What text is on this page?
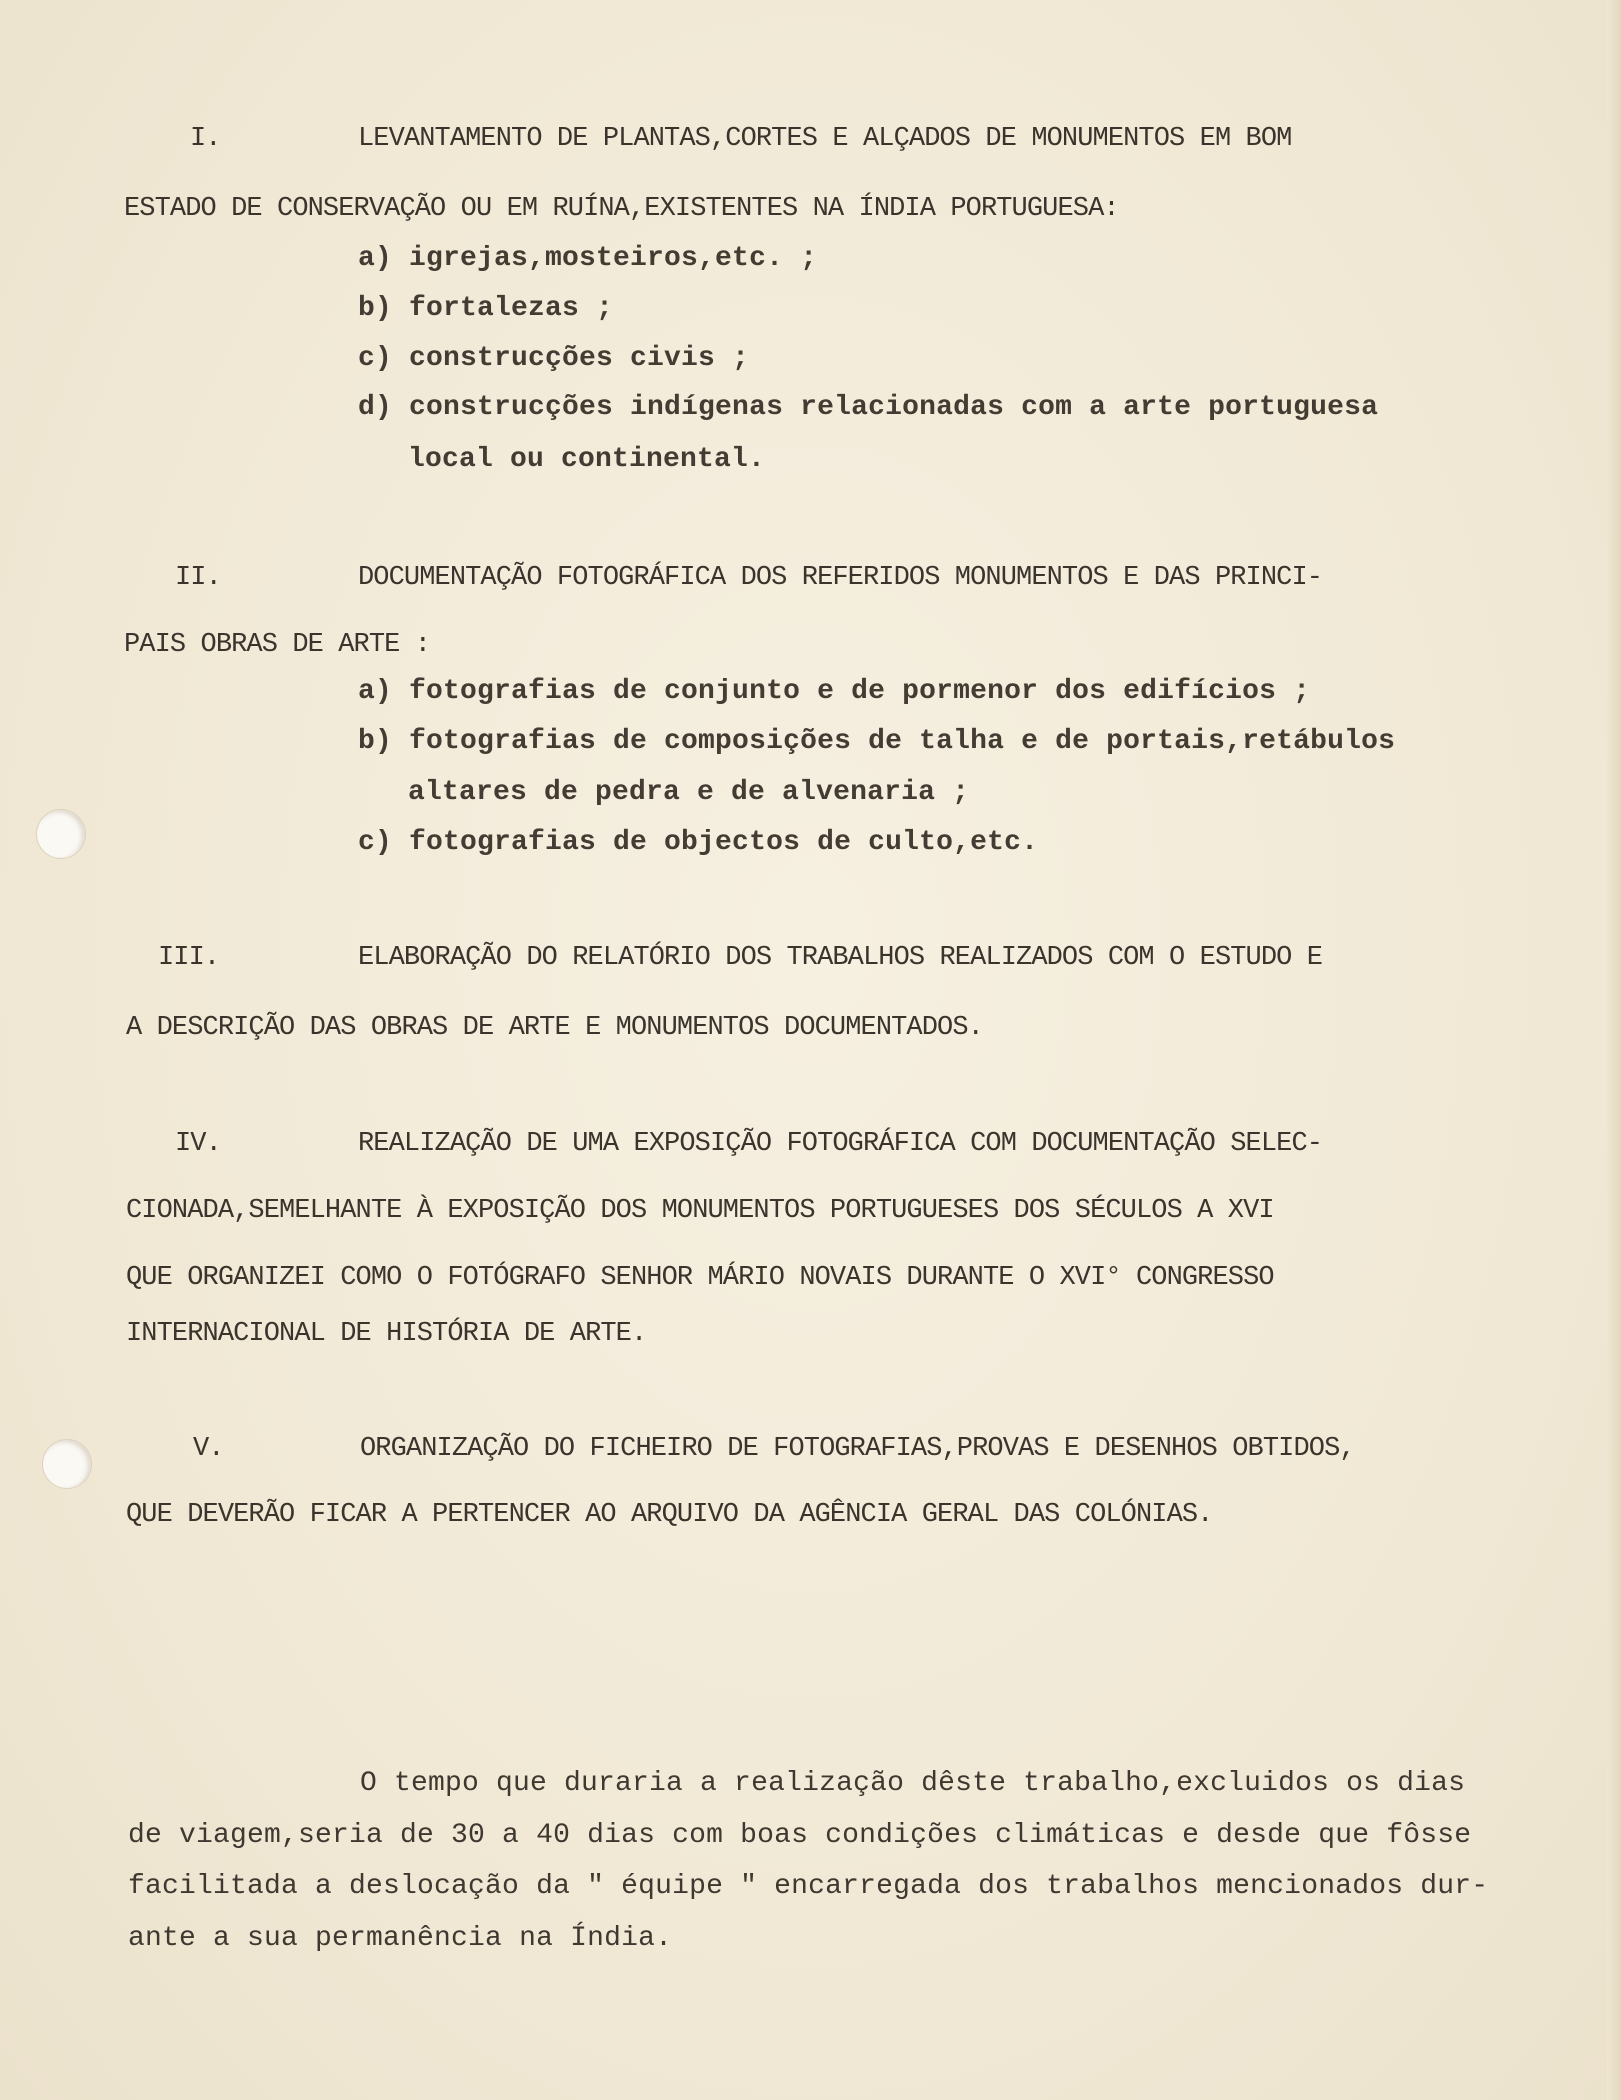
I.	LEVANTAMENTO DE PLANTAS,CORTES E ALÇADOS DE MONUMENTOS EM BOM
ESTADO DE CONSERVAÇÃO OU EM RUÍNA,EXISTENTES NA ÍNDIA PORTUGUESA:
a) igrejas,mosteiros,etc. ;
b) fortalezas ;
c) construcções civis ;
d) construcções indígenas relacionadas com a arte portuguesa
local ou continental.
II.	DOCUMENTAÇÃO FOTOGRÁFICA DOS REFERIDOS MONUMENTOS E DAS PRINCI-
PAIS OBRAS DE ARTE :
a) fotografias de conjunto e de pormenor dos edifícios ;
b) fotografias de composições de talha e de portais,retábulos
altares de pedra e de alvenaria ;
c) fotografias de objectos de culto,etc.
III.	ELABORAÇÃO DO RELATÓRIO DOS TRABALHOS REALIZADOS COM O ESTUDO E
A DESCRIÇÃO DAS OBRAS DE ARTE E MONUMENTOS DOCUMENTADOS.
IV.	REALIZAÇÃO DE UMA EXPOSIÇÃO FOTOGRÁFICA COM DOCUMENTAÇÃO SELEC-
CIONADA,SEMELHANTE À EXPOSIÇÃO DOS MONUMENTOS PORTUGUESES DOS SÉCULOS A XVI
QUE ORGANIZEI COMO O FOTÓGRAFO SENHOR MÁRIO NOVAIS DURANTE O XVI° CONGRESSO
INTERNACIONAL DE HISTÓRIA DE ARTE.
V.	ORGANIZAÇÃO DO FICHEIRO DE FOTOGRAFIAS,PROVAS E DESENHOS OBTIDOS,
QUE DEVERÃO FICAR A PERTENCER AO ARQUIVO DA AGÊNCIA GERAL DAS COLÓNIAS.
O tempo que duraria a realização dêste trabalho,excluidos os dias
de viagem,seria de 30 a 40 dias com boas condições climáticas e desde que fôsse
facilitada a deslocação da " équipe " encarregada dos trabalhos mencionados dur-
ante a sua permanência na Índia.
